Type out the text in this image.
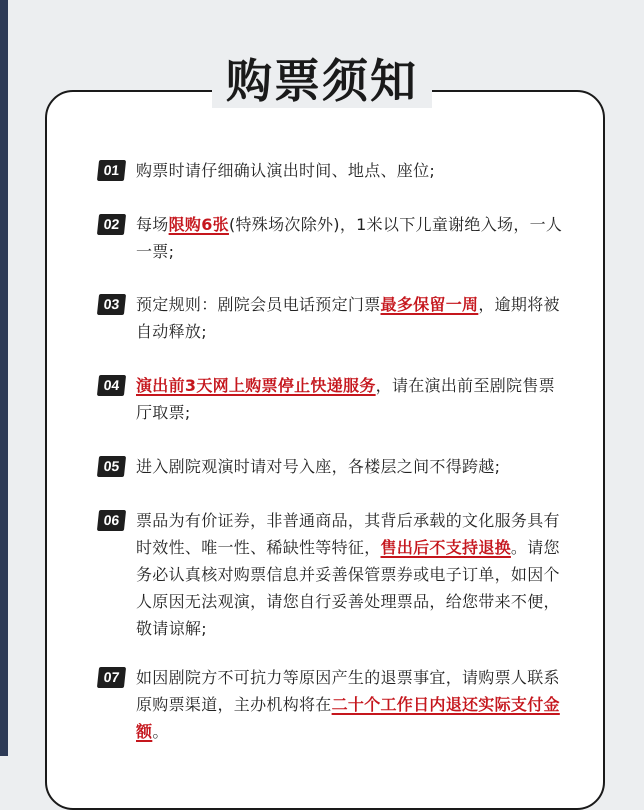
购票须知
01 购票时请仔细确认演出时间、地点、座位;
02 每场限购6张(特殊场次除外)，1米以下儿童谢绝入场，一人一票;
03 预定规则：剧院会员电话预定门票最多保留一周，逾期将被自动释放;
04 演出前3天网上购票停止快递服务，请在演出前至剧院售票厅取票;
05 进入剧院观演时请对号入座，各楼层之间不得跨越;
06 票品为有价证券，非普通商品，其背后承载的文化服务具有时效性、唯一性、稀缺性等特征，售出后不支持退换。请您务必认真核对购票信息并妥善保管票券或电子订单，如因个人原因无法观演，请您自行妥善处理票品，给您带来不便，敬请谅解;
07 如因剧院方不可抗力等原因产生的退票事宜，请购票人联系原购票渠道，主办机构将在二十个工作日内退还实际支付金额。
